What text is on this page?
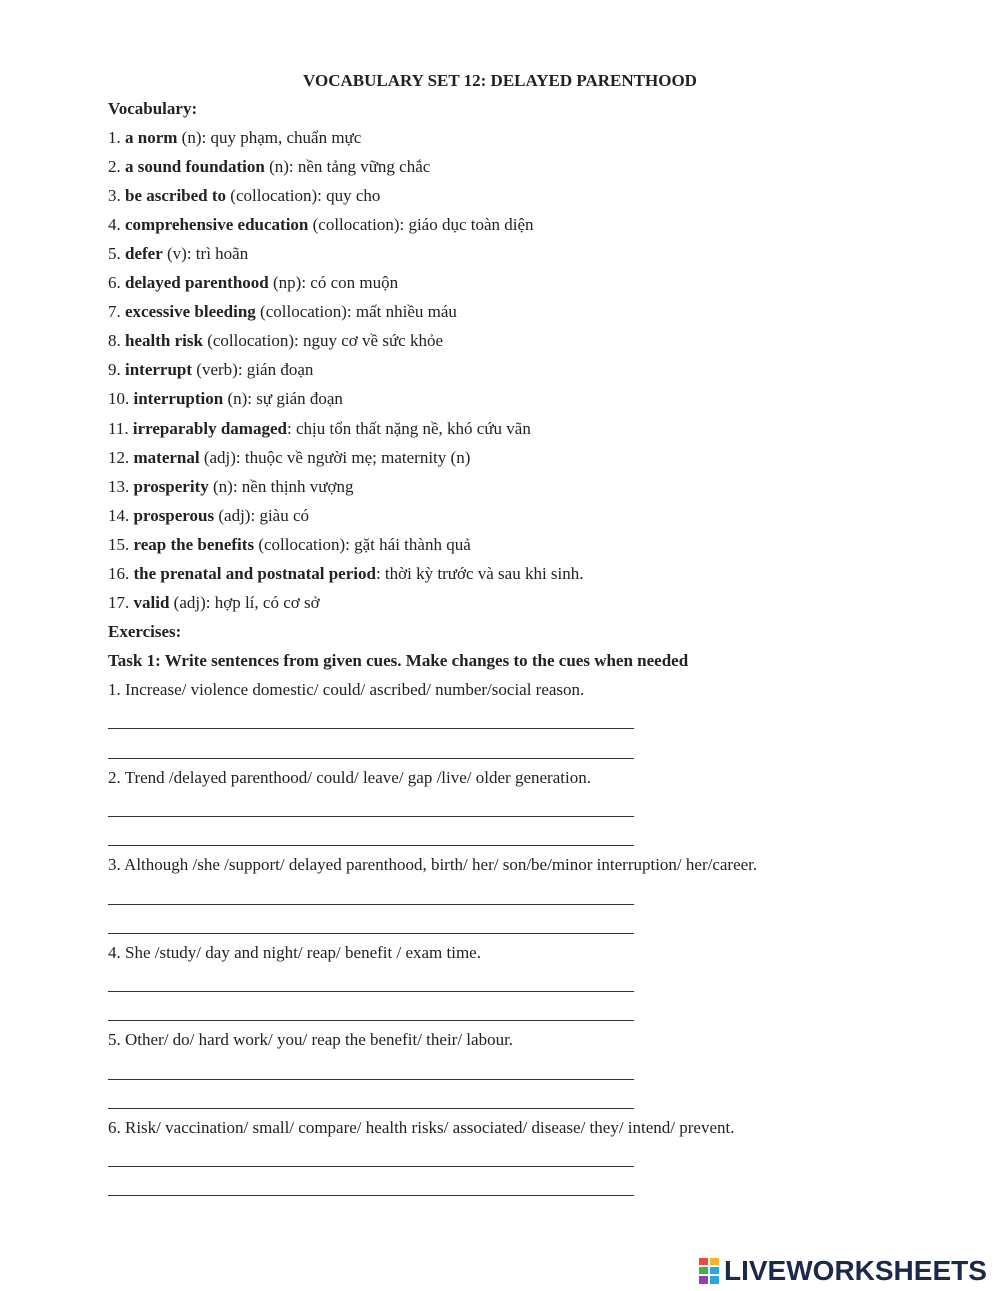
VOCABULARY SET 12: DELAYED PARENTHOOD
Vocabulary:
1. a norm (n): quy phạm, chuẩn mực
2. a sound foundation (n): nền tảng vững chắc
3. be ascribed to (collocation): quy cho
4. comprehensive education (collocation): giáo dục toàn diện
5. defer (v): trì hoãn
6. delayed parenthood (np): có con muộn
7. excessive bleeding (collocation): mất nhiều máu
8. health risk (collocation): nguy cơ về sức khỏe
9. interrupt (verb): gián đoạn
10. interruption (n): sự gián đoạn
11. irreparably damaged: chịu tổn thất nặng nề, khó cứu vãn
12. maternal (adj): thuộc về người mẹ; maternity (n)
13. prosperity (n): nền thịnh vượng
14. prosperous (adj): giàu có
15. reap the benefits (collocation): gặt hái thành quả
16. the prenatal and postnatal period: thời kỳ trước và sau khi sinh.
17. valid (adj): hợp lí, có cơ sở
Exercises:
Task 1: Write sentences from given cues. Make changes to the cues when needed
1. Increase/ violence domestic/ could/ ascribed/ number/social reason.
2. Trend /delayed parenthood/ could/ leave/ gap /live/ older generation.
3. Although /she /support/ delayed parenthood, birth/ her/ son/be/minor interruption/ her/career.
4. She /study/ day and night/ reap/ benefit / exam time.
5. Other/ do/ hard work/ you/ reap the benefit/ their/ labour.
6. Risk/ vaccination/ small/ compare/ health risks/ associated/ disease/ they/ intend/ prevent.
LIVEWORKSHEETS
